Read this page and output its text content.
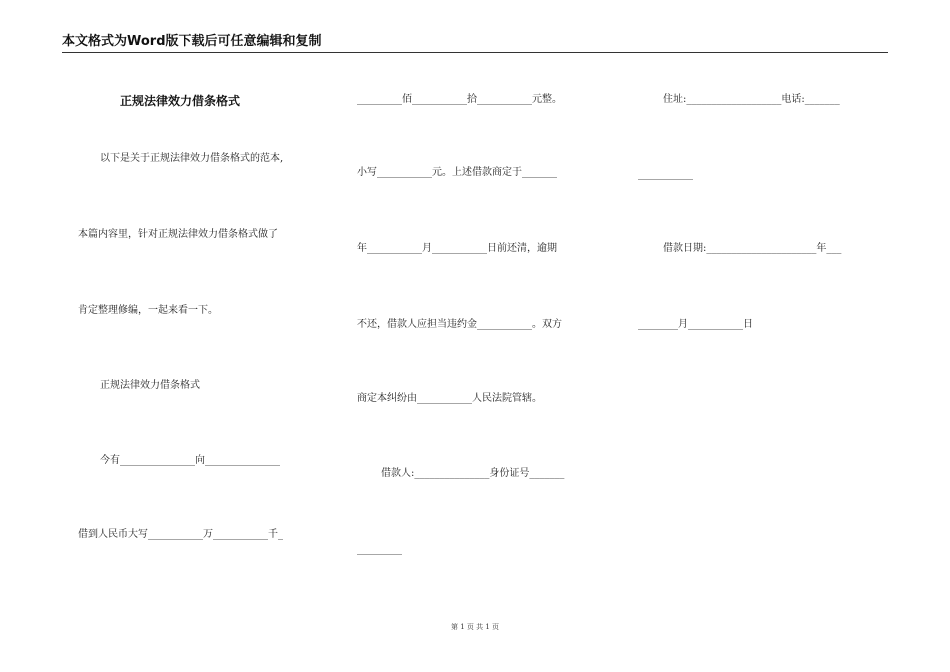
本文格式为Word版下载后可任意编辑和复制
正规法律效力借条格式
以下是关于正规法律效力借条格式的范本,
本篇内容里，针对正规法律效力借条格式做了
肯定整理修编，一起来看一下。
正规法律效力借条格式
今有_______________向_______________
借到人民币大写___________万___________千_
_________佰___________拾___________元整。
小写___________元。上述借款商定于_______
年___________月___________日前还清，逾期
不还，借款人应担当违约金___________。双方
商定本纠纷由___________人民法院管辖。
借款人:_______________身份证号_______
_________
住址:___________________电话:_______
___________
借款日期:______________________年___
________月___________日
第 1 页 共 1 页
